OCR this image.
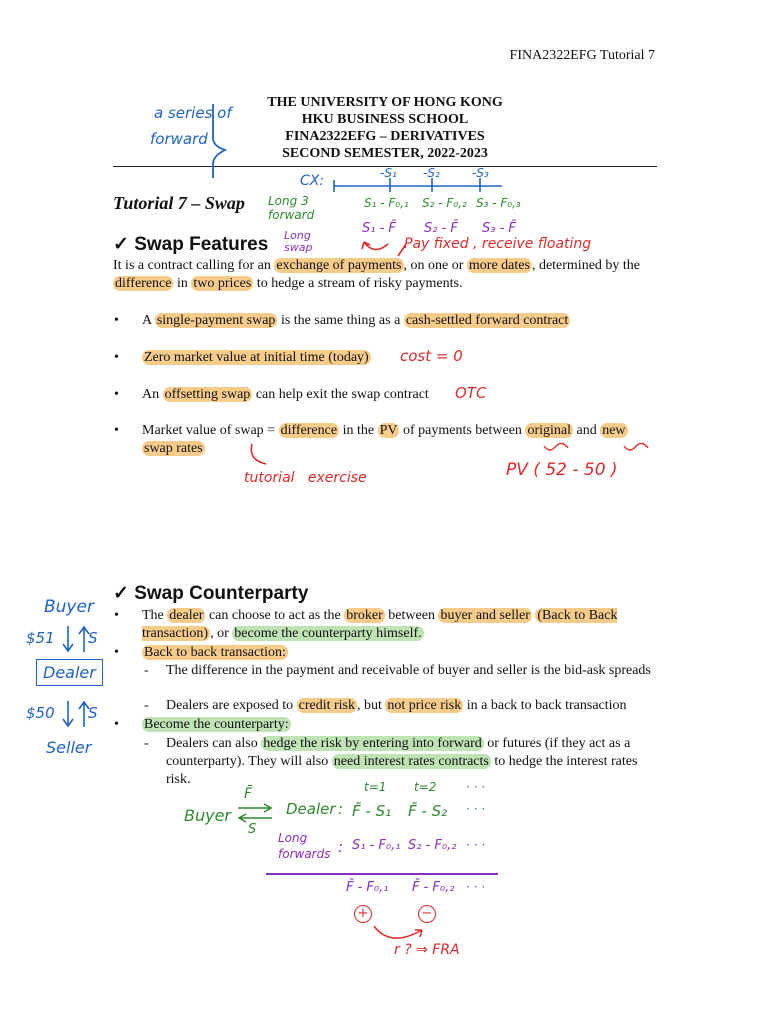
FINA2322EFG Tutorial 7
THE UNIVERSITY OF HONG KONG
HKU BUSINESS SCHOOL
FINA2322EFG – DERIVATIVES
SECOND SEMESTER, 2022-2023
Tutorial 7 – Swap
✓ Swap Features
It is a contract calling for an exchange of payments , on one or more dates , determined by the difference in two prices to hedge a stream of risky payments.
• A single-payment swap is the same thing as a cash-settled forward contract
• Zero market value at initial time (today)
• An offsetting swap can help exit the swap contract
• Market value of swap = difference in the PV of payments between original and new
swap rates
✓ Swap Counterparty
• The dealer can choose to act as the broker between buyer and seller (Back to Back transaction) , or become the counterparty himself.
• Back to back transaction:
- The difference in the payment and receivable of buyer and seller is the bid-ask spreads
- Dealers are exposed to credit risk , but not price risk in a back to back transaction
• Become the counterparty:
- Dealers can also hedge the risk by entering into forward or futures (if they act as a counterparty). They will also need interest rates contracts to hedge the interest rates risk.
a series of
forward
CX:	-S₁ -S₂	-S₃
Long 3
forward
S₁ - F₀,₁ S₂ - F₀,₂ S₃ - F₀,₃
Long
swap
S₁ - F̄ S₂ - F̄ S₃ - F̄
Pay fixed , receive floating
cost = 0
OTC
tutorial   exercise	PV ( 52 - 50 )
Buyer
$51 S
Dealer
$50 S
Seller
Buyer
F̄
S
Dealer :
t=1 t=2 · · ·
F̄ - S₁ F̄ - S₂ · · ·
Long
forwards : S₁ - F₀,₁ S₂ - F₀,₂ · · ·
F̄ - F₀,₁ F̄ - F₀,₂ · · ·
+	−
r ? ⇒ FRA
